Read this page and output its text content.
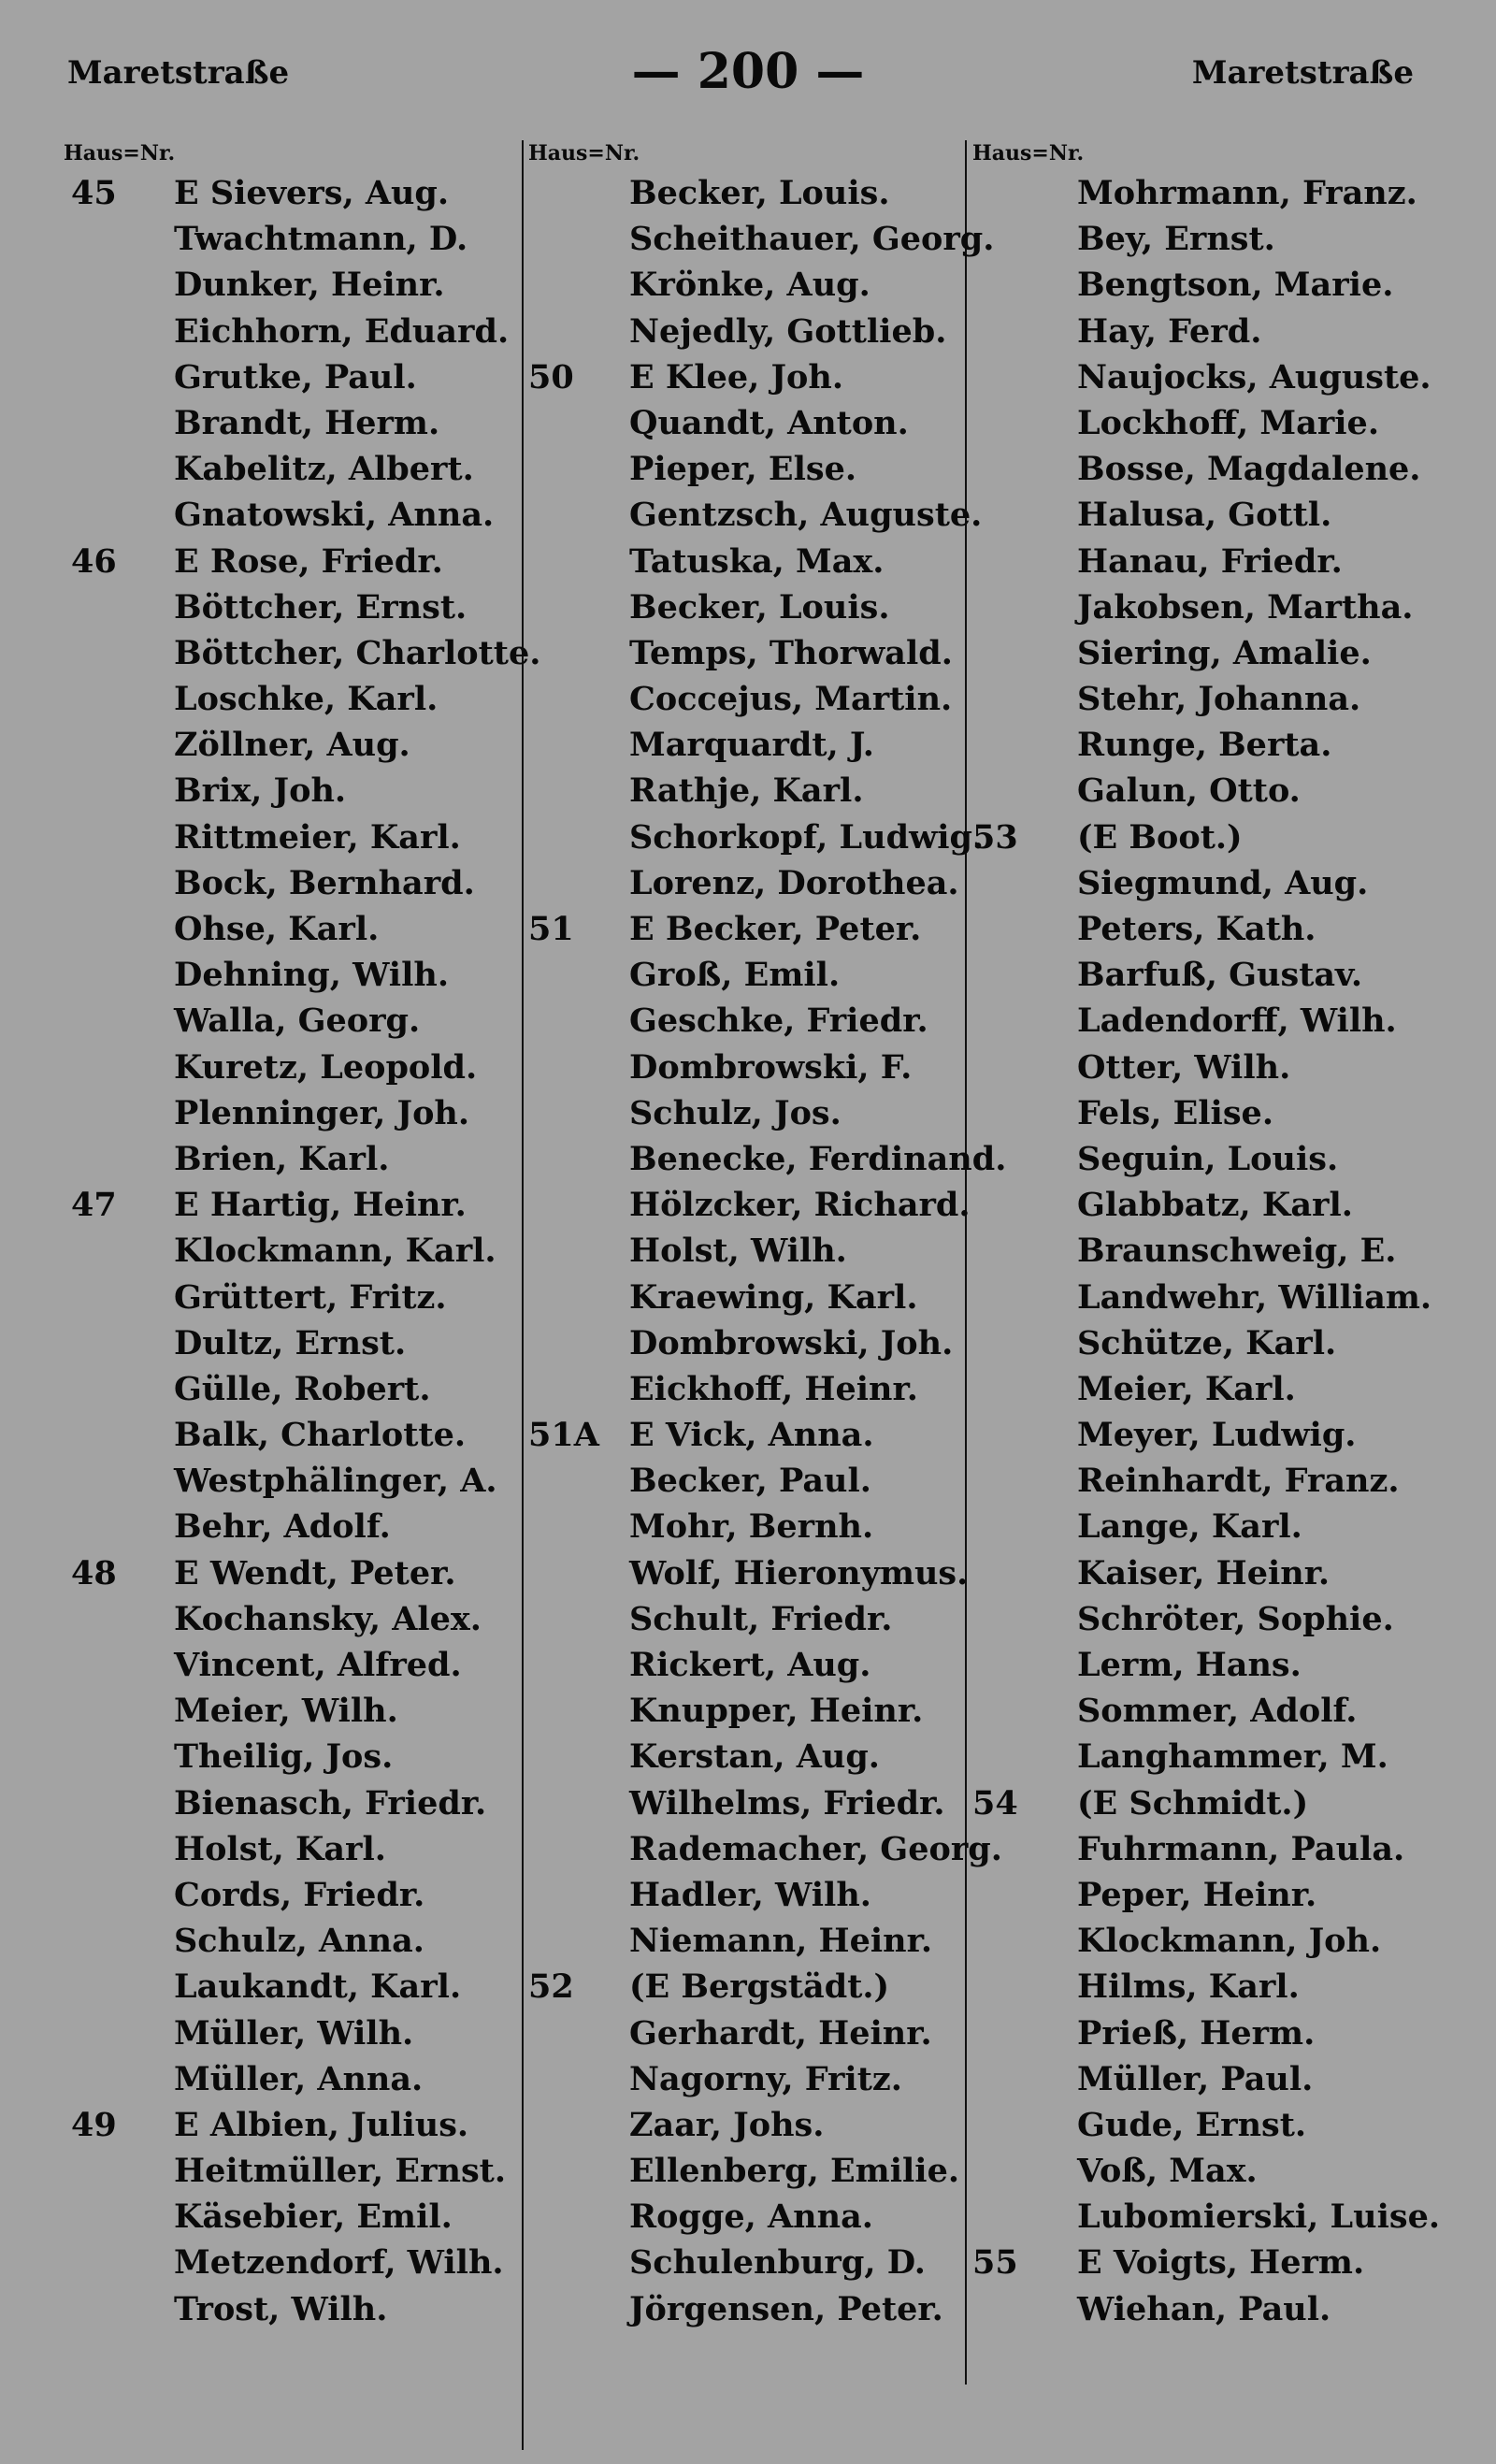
Maretstraße	— 200 —	Maretstraße
Haus=Nr.
45 E Sievers, Aug.
Twachtmann, D.
Dunker, Heinr.
Eichhorn, Eduard.
Grutke, Paul.
Brandt, Herm.
Kabelitz, Albert.
Gnatowski, Anna.
46 E Rose, Friedr.
Böttcher, Ernst.
Böttcher, Charlotte.
Loschke, Karl.
Zöllner, Aug.
Brix, Joh.
Rittmeier, Karl.
Bock, Bernhard.
Ohse, Karl.
Dehning, Wilh.
Walla, Georg.
Kuretz, Leopold.
Plenninger, Joh.
Brien, Karl.
47 E Hartig, Heinr.
Klockmann, Karl.
Grüttert, Fritz.
Dultz, Ernst.
Gülle, Robert.
Balk, Charlotte.
Westphälinger, A.
Behr, Adolf.
48 E Wendt, Peter.
Kochansky, Alex.
Vincent, Alfred.
Meier, Wilh.
Theilig, Jos.
Bienasch, Friedr.
Holst, Karl.
Cords, Friedr.
Schulz, Anna.
Laukandt, Karl.
Müller, Wilh.
Müller, Anna.
49 E Albien, Julius.
Heitmüller, Ernst.
Käsebier, Emil.
Metzendorf, Wilh.
Trost, Wilh.
Haus=Nr.
Becker, Louis.
Scheithauer, Georg.
Krönke, Aug.
Nejedly, Gottlieb.
50 E Klee, Joh.
Quandt, Anton.
Pieper, Else.
Gentzsch, Auguste.
Tatuska, Max.
Becker, Louis.
Temps, Thorwald.
Coccejus, Martin.
Marquardt, J.
Rathje, Karl.
Schorkopf, Ludwig.
Lorenz, Dorothea.
51 E Becker, Peter.
Groß, Emil.
Geschke, Friedr.
Dombrowski, F.
Schulz, Jos.
Benecke, Ferdinand.
Hölzcker, Richard.
Holst, Wilh.
Kraewing, Karl.
Dombrowski, Joh.
Eickhoff, Heinr.
51A E Vick, Anna.
Becker, Paul.
Mohr, Bernh.
Wolf, Hieronymus.
Schult, Friedr.
Rickert, Aug.
Knupper, Heinr.
Kerstan, Aug.
Wilhelms, Friedr.
Rademacher, Georg.
Hadler, Wilh.
Niemann, Heinr.
52 (E Bergstädt.)
Gerhardt, Heinr.
Nagorny, Fritz.
Zaar, Johs.
Ellenberg, Emilie.
Rogge, Anna.
Schulenburg, D.
Jörgensen, Peter.
Haus=Nr.
Mohrmann, Franz.
Bey, Ernst.
Bengtson, Marie.
Hay, Ferd.
Naujocks, Auguste.
Lockhoff, Marie.
Bosse, Magdalene.
Halusa, Gottl.
Hanau, Friedr.
Jakobsen, Martha.
Siering, Amalie.
Stehr, Johanna.
Runge, Berta.
Galun, Otto.
53 (E Boot.)
Siegmund, Aug.
Peters, Kath.
Barfuß, Gustav.
Ladendorff, Wilh.
Otter, Wilh.
Fels, Elise.
Seguin, Louis.
Glabbatz, Karl.
Braunschweig, E.
Landwehr, William.
Schütze, Karl.
Meier, Karl.
Meyer, Ludwig.
Reinhardt, Franz.
Lange, Karl.
Kaiser, Heinr.
Schröter, Sophie.
Lerm, Hans.
Sommer, Adolf.
Langhammer, M.
54 (E Schmidt.)
Fuhrmann, Paula.
Peper, Heinr.
Klockmann, Joh.
Hilms, Karl.
Prieß, Herm.
Müller, Paul.
Gude, Ernst.
Voß, Max.
Lubomierski, Luise.
55 E Voigts, Herm.
Wiehan, Paul.
